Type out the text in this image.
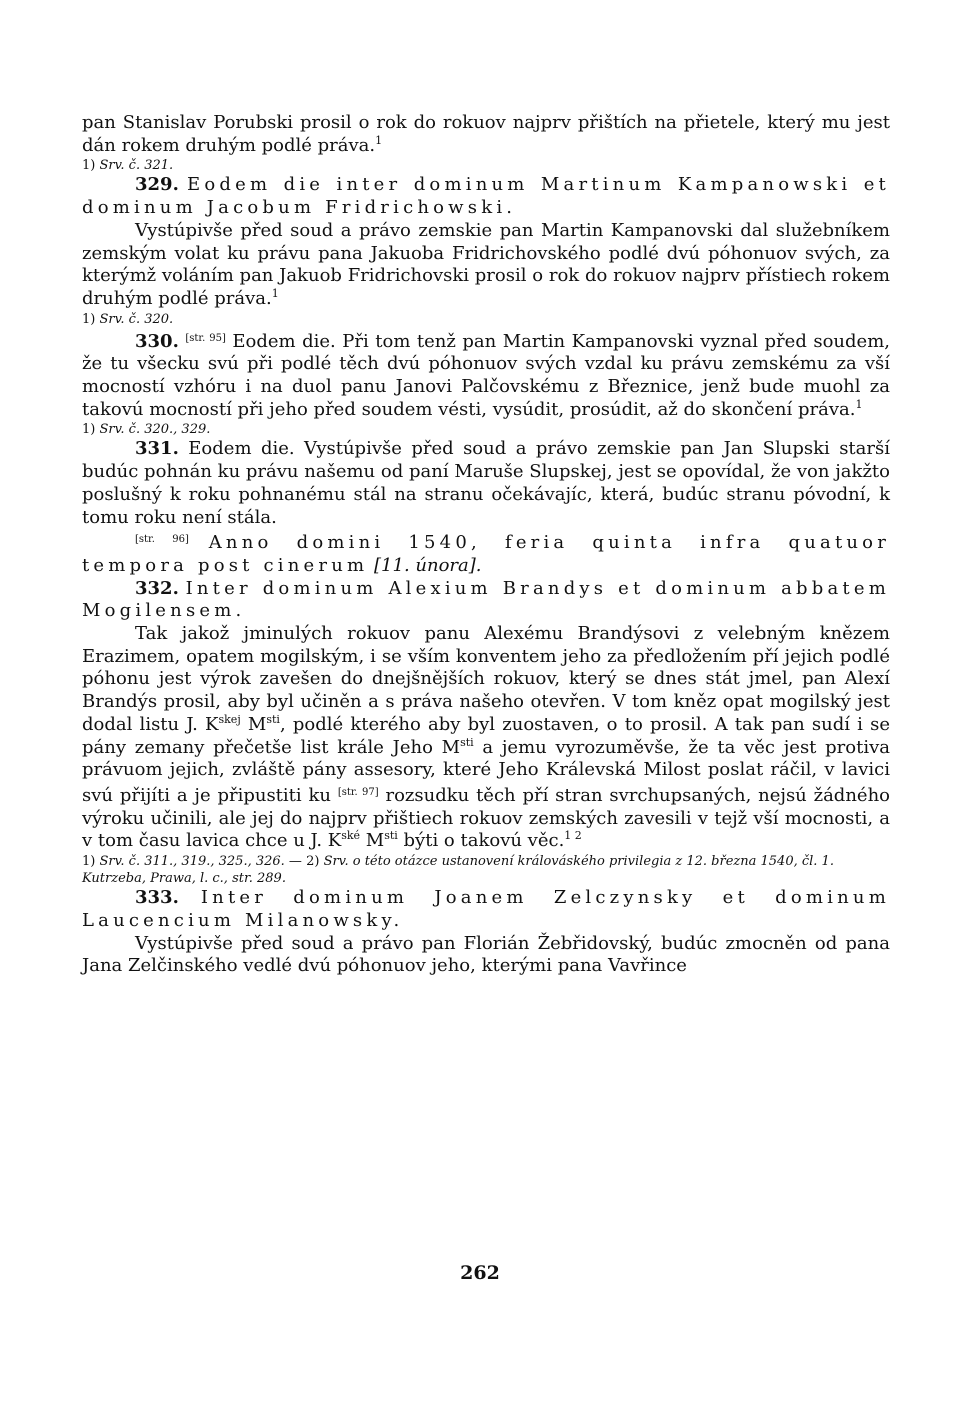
pan Stanislav Porubski prosil o rok do rokuov najprv přištích na přietele, který mu jest dán rokem druhým podlé práva.$^1$

1) Srv. č. 321.

329. Eodem die inter dominum Martinum Kampanowski et dominum Jacobum Fridrichowski.

Vystúpivše před soud a právo zemskie pan Martin Kampanovski dal služebníkem zemským volat ku právu pana Jakuoba Fridrichovského podlé dvú póhonuov svých, za kterýmž voláním pan Jakuob Fridrichovski prosil o rok do rokuov najprv přístiech rokem druhým podlé práva.$^1$

1) Srv. č. 320.

330. [str. 95] Eodem die. Při tom tenž pan Martin Kampanovski vyznal před soudem, že tu všecku svú při podlé těch dvú póhonuov svých vzdal ku právu zemskému za vší mocností vzhóru i na duol panu Janovi Palčovskému z Březnice, jenž bude muohl za takovú mocností při jeho před soudem vésti, vysúdit, prosúdit, až do skončení práva.$^1$

1) Srv. č. 320., 329.

331. Eodem die. Vystúpivše před soud a právo zemskie pan Jan Slupski starší budúc pohnán ku právu našemu od paní Maruše Slupskej, jest se opovídal, že von jakžto poslušný k roku pohnanému stál na stranu očekávajíc, která, budúc stranu póvodní, k tomu roku není stála.

[str. 96] Anno domini 1540, feria quinta infra quatuor tempora post cinerum [11. února].

332. Inter dominum Alexium Brandys et dominum abbatem Mogilensem.

Tak jakož jminulých rokuov panu Alexému Brandýsovi z velebným knězem Erazimem, opatem mogilským, i se vším konventem jeho za předložením pří jejich podlé póhonu jest výrok zavešen do dnejšnějších rokuov, který se dnes stát jmel, pan Alexí Brandýs prosil, aby byl učiněn a s práva našeho otevřen. V tom kněz opat mogilský jest dodal listu J. $K^{skej}$ $M^{sti}$, podlé kterého aby byl zuostaven, o to prosil. A tak pan sudí i se pány zemany přečetše list krále Jeho $M^{sti}$ a jemu vyrozuměvše, že ta věc jest protiva právuom jejich, zvláště pány assesory, které Jeho Králevská Milost poslat ráčil, v lavici svú přijíti a je připustiti ku [str. 97] rozsudku těch pří stran svrchupsaných, nejsú žádného výroku učinili, ale jej do najprv přištiech rokuov zemských zavesili v tejž vší mocnosti, a v tom času lavica chce u J. $K^{ské}$ $M^{sti}$ býti o takovú věc.$^{1 2}$

1) Srv. č. 311., 319., 325., 326. — 2) Srv. o této otázce ustanovení králováského privilegia z 12. března 1540, čl. 1. Kutrzeba, Prawa, l. c., str. 289.

333. Inter dominum Joanem Zelczynsky et dominum Laucencium Milanowsky.

Vystúpivše před soud a právo pan Florián Žebřidovský, budúc zmocněn od pana Jana Zelčinského vedlé dvú póhonuov jeho, kterými pana Vavřince

262
